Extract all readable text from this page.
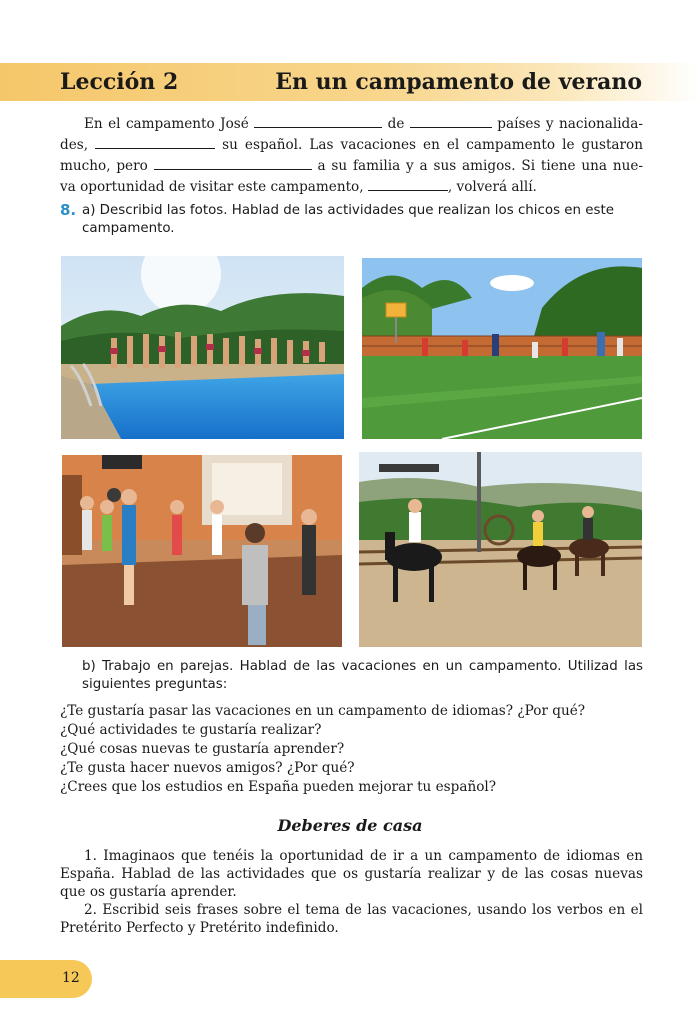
Lección 2	En un campamento de verano
En el campamento José	de	países y nacionalida-
des,	su español. Las vacaciones en el campamento le gustaron
mucho, pero	a su familia y a sus amigos. Si tiene una nue-
va oportunidad de visitar este campamento,	, volverá allí.
8. a) Describid las fotos. Hablad de las actividades que realizan los chicos en este campamento.
b) Trabajo en parejas. Hablad de las vacaciones en un campamento. Utilizad las siguientes preguntas:
¿Te gustaría pasar las vacaciones en un campamento de idiomas? ¿Por qué?
¿Qué actividades te gustaría realizar?
¿Qué cosas nuevas te gustaría aprender?
¿Te gusta hacer nuevos amigos? ¿Por qué?
¿Crees que los estudios en España pueden mejorar tu español?
Deberes de casa
1. Imaginaos que tenéis la oportunidad de ir a un campamento de idiomas en España. Hablad de las actividades que os gustaría realizar y de las cosas nuevas que os gustaría aprender.
2. Escribid seis frases sobre el tema de las vacaciones, usando los verbos en el Pretérito Perfecto y Pretérito indefinido.
12
